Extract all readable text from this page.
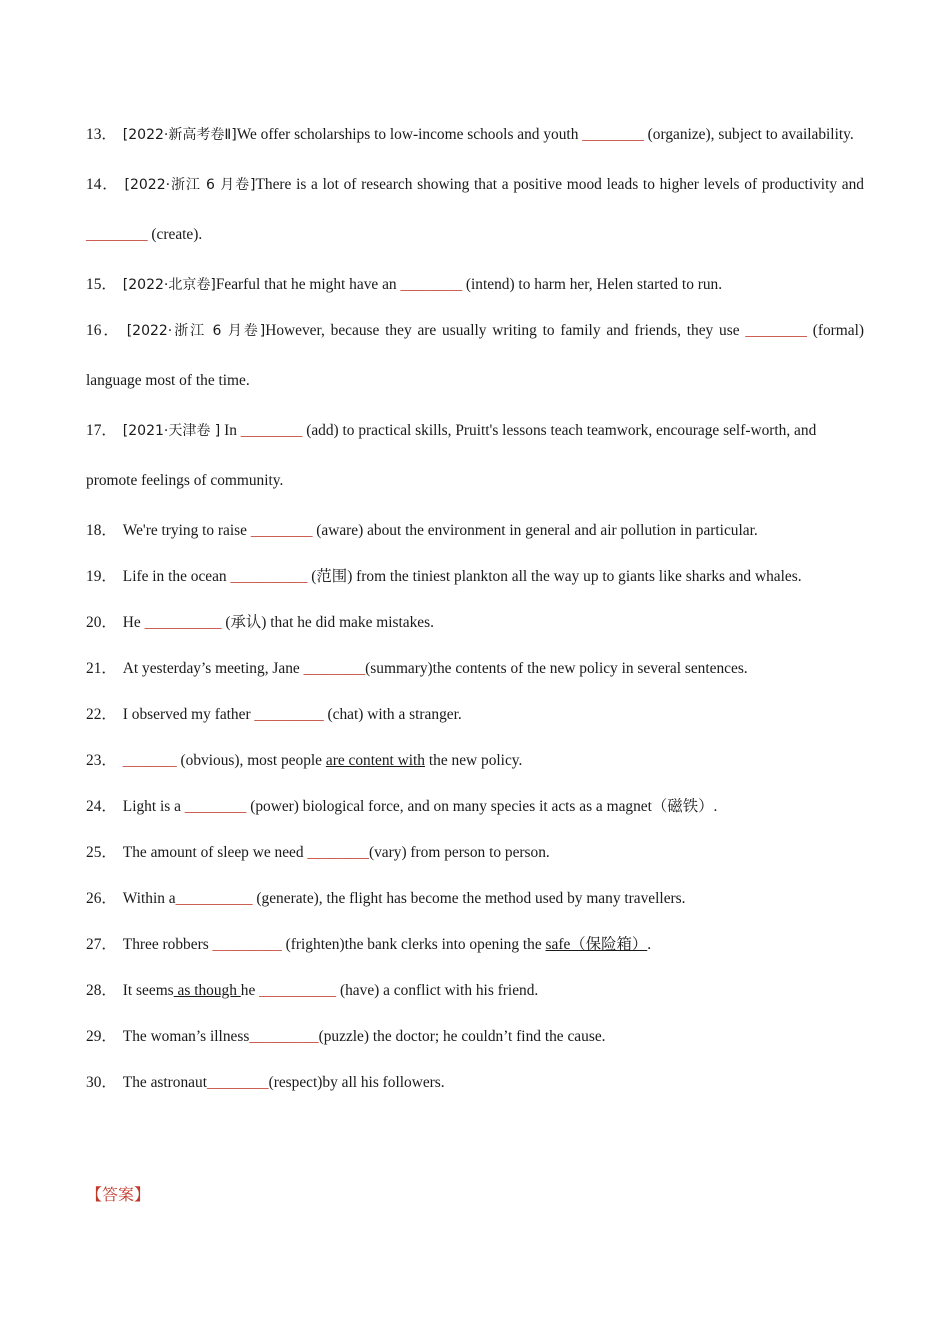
13． [2022·新高考卷Ⅱ]We offer scholarships to low-income schools and youth ________ (organize), subject to availability.

14． [2022·浙江 6 月卷]There is a lot of research showing that a positive mood leads to higher levels of productivity and ________ (create).

15． [2022·北京卷]Fearful that he might have an ________ (intend) to harm her, Helen started to run.

16． [2022·浙江 6 月卷]However, because they are usually writing to family and friends, they use ________ (formal) language most of the time.

17． [2021·天津卷 ] In ________ (add) to practical skills, Pruitt's lessons teach teamwork, encourage self-worth, and promote feelings of community.

18． We're trying to raise ________ (aware) about the environment in general and air pollution in particular.

19． Life in the ocean __________ (范围) from the tiniest plankton all the way up to giants like sharks and whales.

20． He __________ (承认) that he did make mistakes.

21． At yesterday’s meeting, Jane ________(summary)the contents of the new policy in several sentences.

22． I observed my father _________ (chat) with a stranger.

23． _______ (obvious), most people are content with the new policy.

24． Light is a ________ (power) biological force, and on many species it acts as a magnet（磁铁）.

25． The amount of sleep we need ________(vary) from person to person.

26． Within a__________ (generate), the flight has become the method used by many travellers.

27． Three robbers _________ (frighten)the bank clerks into opening the safe（保险箱）.

28． It seems as though he __________ (have) a conflict with his friend.

29． The woman’s illness_________(puzzle) the doctor; he couldn’t find the cause.

30． The astronaut________(respect)by all his followers.

【答案】
